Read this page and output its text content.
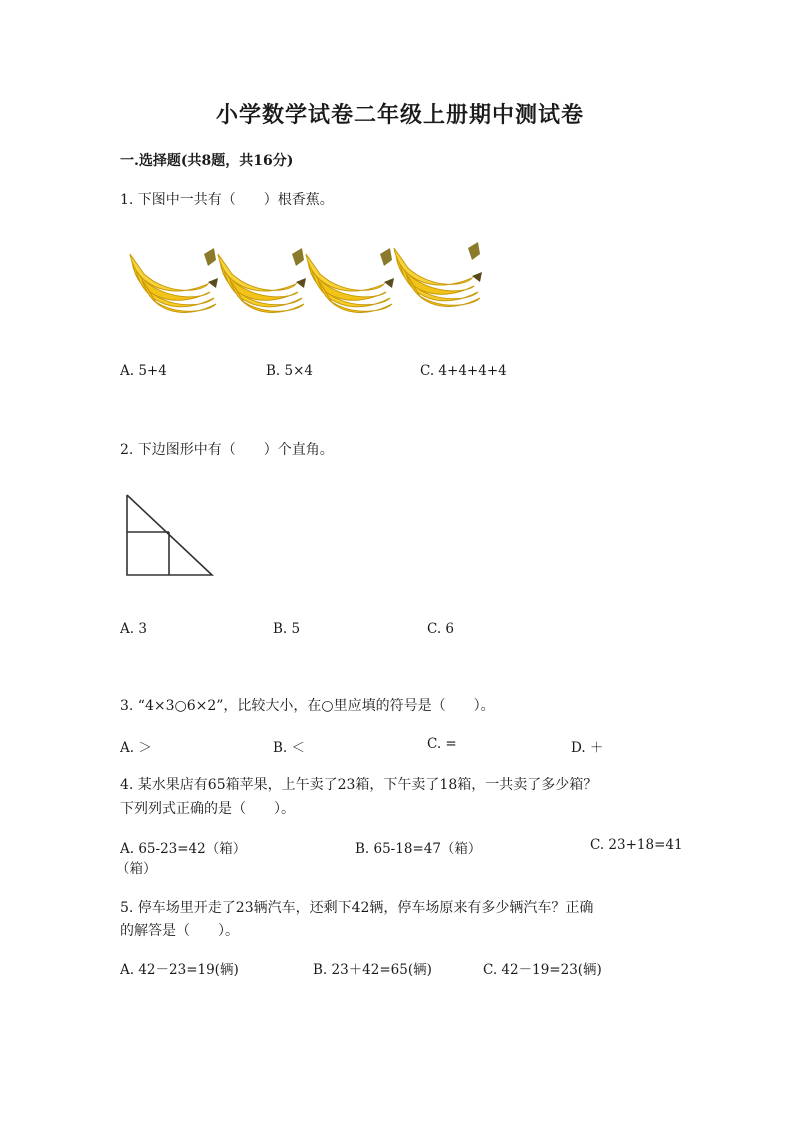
小学数学试卷二年级上册期中测试卷
一.选择题(共8题，共16分)
1. 下图中一共有（　　）根香蕉。
A. 5+4	B. 5×4	C. 4+4+4+4
2. 下边图形中有（　　）个直角。
A. 3	B. 5	C. 6
3. “4×3○6×2”，比较大小，在○里应填的符号是（　　）。
A. ＞	B. ＜	C. =	D. ＋
4. 某水果店有65箱苹果，上午卖了23箱，下午卖了18箱，一共卖了多少箱？
下列列式正确的是（　　）。
A. 65-23=42（箱）	B. 65-18=47（箱）	C. 23+18=41
（箱）
5. 停车场里开走了23辆汽车，还剩下42辆，停车场原来有多少辆汽车？正确
的解答是（　　）。
A. 42－23=19(辆)	B. 23＋42=65(辆)	C. 42－19=23(辆)
